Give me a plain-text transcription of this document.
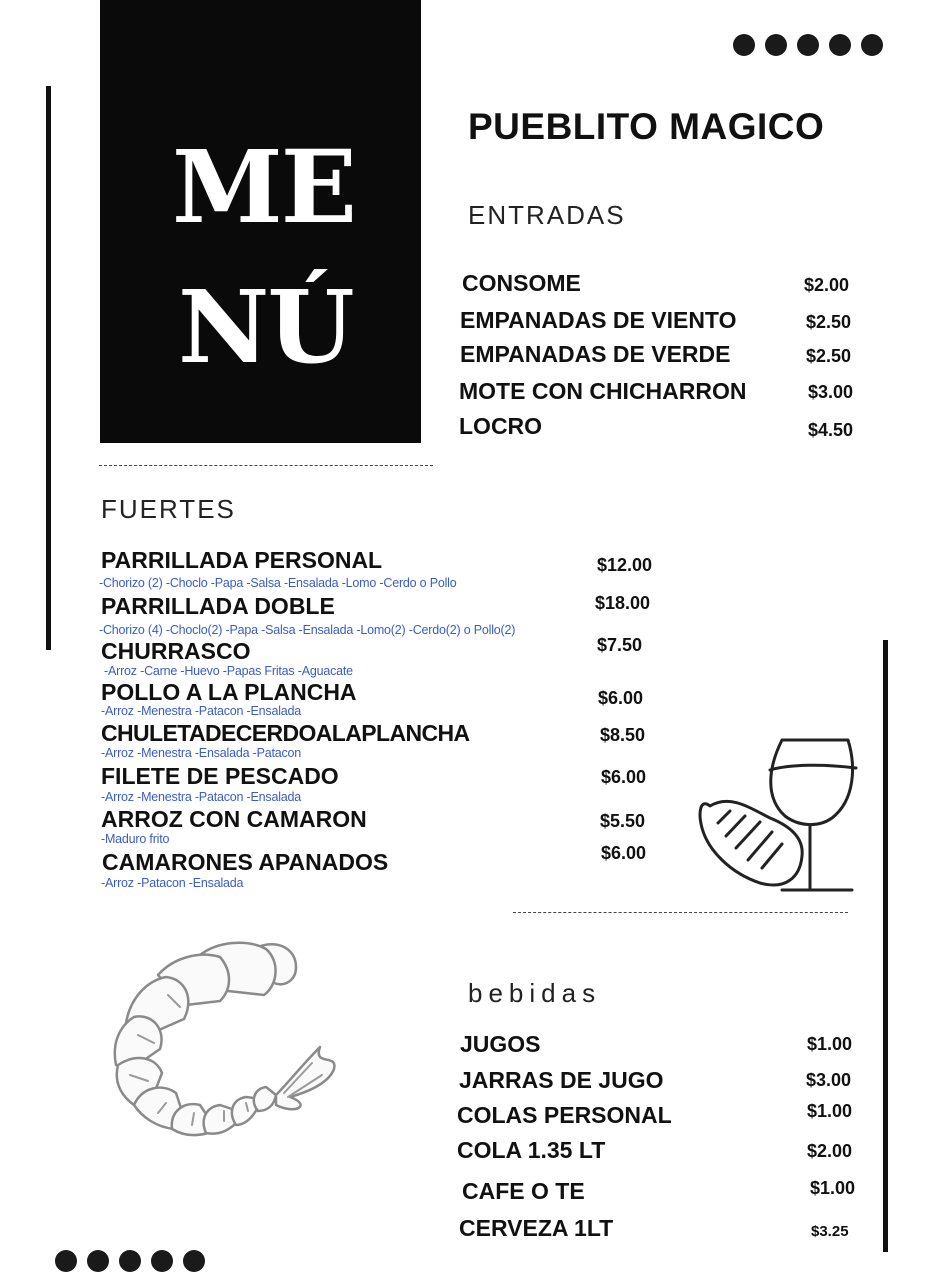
ME
NÚ
PUEBLITO MAGICO
ENTRADAS
CONSOME	$2.00
EMPANADAS DE VIENTO	$2.50
EMPANADAS DE VERDE	$2.50
MOTE CON CHICHARRON	$3.00
LOCRO	$4.50
FUERTES
PARRILLADA PERSONAL
-Chorizo (2) -Choclo -Papa -Salsa -Ensalada -Lomo -Cerdo o Pollo
$12.00
PARRILLADA DOBLE
-Chorizo (4) -Choclo(2) -Papa -Salsa -Ensalada -Lomo(2) -Cerdo(2) o Pollo(2)
$18.00
CHURRASCO
-Arroz -Carne -Huevo -Papas Fritas -Aguacate
$7.50
POLLO A LA PLANCHA
-Arroz -Menestra -Patacon -Ensalada
$6.00
CHULETADECERDOALAPLANCHA
-Arroz -Menestra -Ensalada -Patacon
$8.50
FILETE DE PESCADO
-Arroz -Menestra -Patacon -Ensalada
$6.00
ARROZ CON CAMARON
-Maduro frito
$5.50
CAMARONES APANADOS
-Arroz -Patacon -Ensalada
$6.00
bebidas
JUGOS	$1.00
JARRAS DE JUGO	$3.00
COLAS PERSONAL	$1.00
COLA 1.35 LT	$2.00
CAFE O TE	$1.00
CERVEZA 1LT	$3.25
